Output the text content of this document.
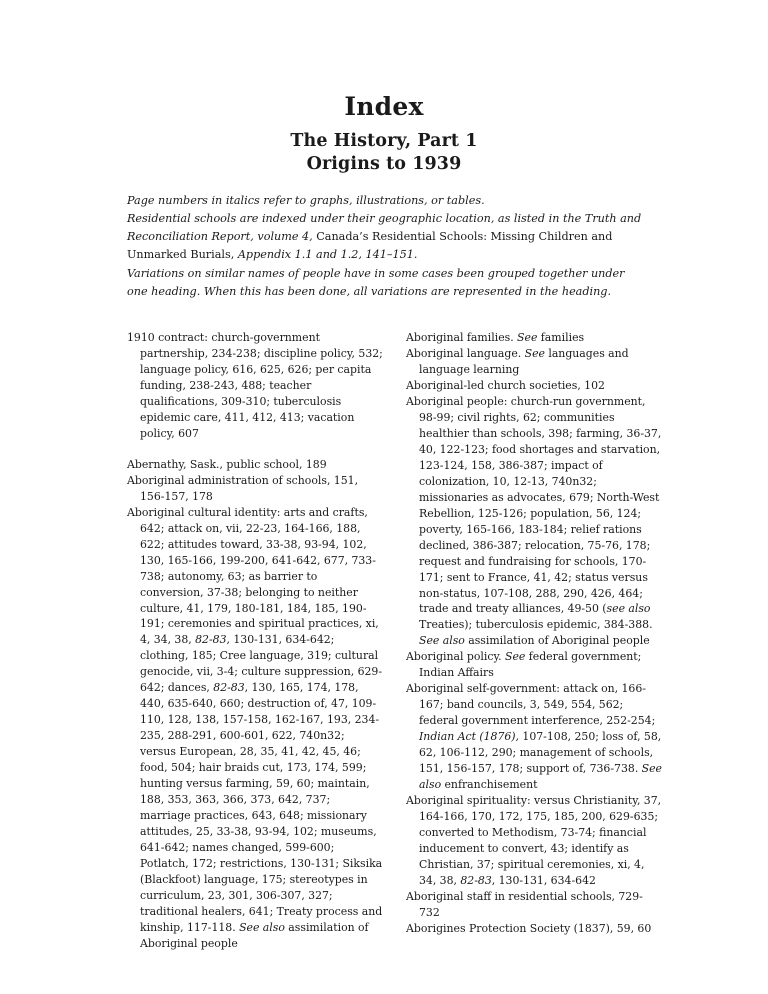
Index
The History, Part 1
Origins to 1939

Page numbers in italics refer to graphs, illustrations, or tables.

Residential schools are indexed under their geographic location, as listed in the Truth and Reconciliation Report, volume 4, Canada’s Residential Schools: Missing Children and Unmarked Burials, Appendix 1.1 and 1.2, 141–151.

Variations on similar names of people have in some cases been grouped together under one heading. When this has been done, all variations are represented in the heading.

1910 contract: church-government partnership, 234-238; discipline policy, 532; language policy, 616, 625, 626; per capita funding, 238-243, 488; teacher qualifications, 309-310; tuberculosis epidemic care, 411, 412, 413; vacation policy, 607

Abernathy, Sask., public school, 189

Aboriginal administration of schools, 151, 156-157, 178

Aboriginal cultural identity: arts and crafts, 642; attack on, vii, 22-23, 164-166, 188, 622; attitudes toward, 33-38, 93-94, 102, 130, 165-166, 199-200, 641-642, 677, 733-738; autonomy, 63; as barrier to conversion, 37-38; belonging to neither culture, 41, 179, 180-181, 184, 185, 190-191; ceremonies and spiritual practices, xi, 4, 34, 38, 82-83, 130-131, 634-642; clothing, 185; Cree language, 319; cultural genocide, vii, 3-4; culture suppression, 629-642; dances, 82-83, 130, 165, 174, 178, 440, 635-640, 660; destruction of, 47, 109-110, 128, 138, 157-158, 162-167, 193, 234-235, 288-291, 600-601, 622, 740n32; versus European, 28, 35, 41, 42, 45, 46; food, 504; hair braids cut, 173, 174, 599; hunting versus farming, 59, 60; maintain, 188, 353, 363, 366, 373, 642, 737; marriage practices, 643, 648; missionary attitudes, 25, 33-38, 93-94, 102; museums, 641-642; names changed, 599-600; Potlatch, 172; restrictions, 130-131; Siksika (Blackfoot) language, 175; stereotypes in curriculum, 23, 301, 306-307, 327; traditional healers, 641; Treaty process and kinship, 117-118. See also assimilation of Aboriginal people

Aboriginal families. See families

Aboriginal language. See languages and language learning

Aboriginal-led church societies, 102

Aboriginal people: church-run government, 98-99; civil rights, 62; communities healthier than schools, 398; farming, 36-37, 40, 122-123; food shortages and starvation, 123-124, 158, 386-387; impact of colonization, 10, 12-13, 740n32; missionaries as advocates, 679; North-West Rebellion, 125-126; population, 56, 124; poverty, 165-166, 183-184; relief rations declined, 386-387; relocation, 75-76, 178; request and fundraising for schools, 170-171; sent to France, 41, 42; status versus non-status, 107-108, 288, 290, 426, 464; trade and treaty alliances, 49-50 (see also Treaties); tuberculosis epidemic, 384-388. See also assimilation of Aboriginal people

Aboriginal policy. See federal government; Indian Affairs

Aboriginal self-government: attack on, 166-167; band councils, 3, 549, 554, 562; federal government interference, 252-254; Indian Act (1876), 107-108, 250; loss of, 58, 62, 106-112, 290; management of schools, 151, 156-157, 178; support of, 736-738. See also enfranchisement

Aboriginal spirituality: versus Christianity, 37, 164-166, 170, 172, 175, 185, 200, 629-635; converted to Methodism, 73-74; financial inducement to convert, 43; identify as Christian, 37; spiritual ceremonies, xi, 4, 34, 38, 82-83, 130-131, 634-642

Aboriginal staff in residential schools, 729-732

Aborigines Protection Society (1837), 59, 60
